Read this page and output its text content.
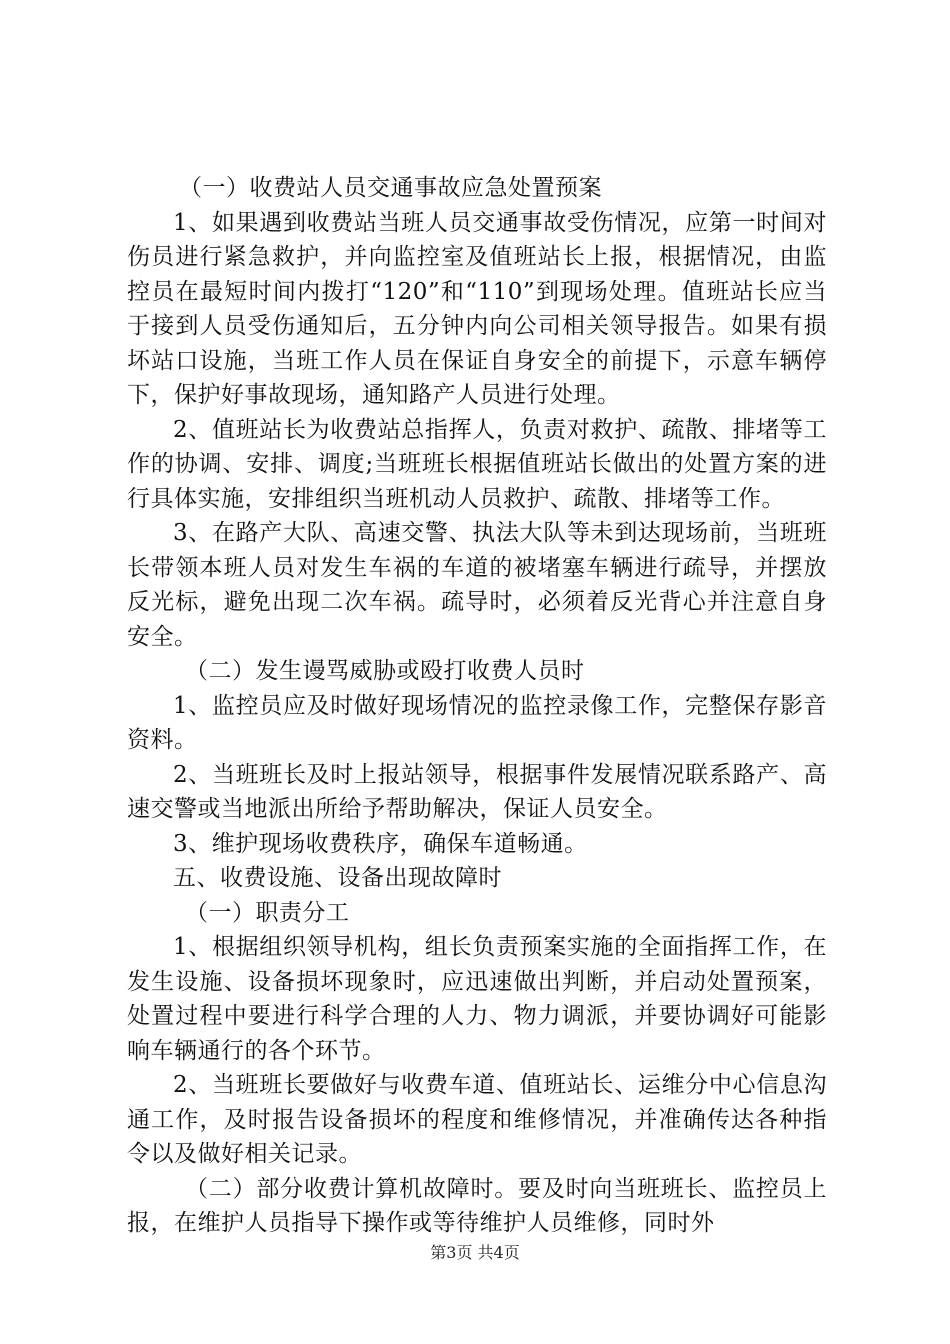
（一）收费站人员交通事故应急处置预案

1、如果遇到收费站当班人员交通事故受伤情况，应第一时间对伤员进行紧急救护，并向监控室及值班站长上报，根据情况，由监控员在最短时间内拨打“120”和“110”到现场处理。值班站长应当于接到人员受伤通知后，五分钟内向公司相关领导报告。如果有损坏站口设施，当班工作人员在保证自身安全的前提下，示意车辆停下，保护好事故现场，通知路产人员进行处理。

2、值班站长为收费站总指挥人，负责对救护、疏散、排堵等工作的协调、安排、调度;当班班长根据值班站长做出的处置方案的进行具体实施，安排组织当班机动人员救护、疏散、排堵等工作。

3、在路产大队、高速交警、执法大队等未到达现场前，当班班长带领本班人员对发生车祸的车道的被堵塞车辆进行疏导，并摆放反光标，避免出现二次车祸。疏导时，必须着反光背心并注意自身安全。

（二）发生谩骂威胁或殴打收费人员时

1、监控员应及时做好现场情况的监控录像工作，完整保存影音资料。

2、当班班长及时上报站领导，根据事件发展情况联系路产、高速交警或当地派出所给予帮助解决，保证人员安全。

3、维护现场收费秩序，确保车道畅通。

五、收费设施、设备出现故障时

（一）职责分工

1、根据组织领导机构，组长负责预案实施的全面指挥工作，在发生设施、设备损坏现象时，应迅速做出判断，并启动处置预案，处置过程中要进行科学合理的人力、物力调派，并要协调好可能影响车辆通行的各个环节。

2、当班班长要做好与收费车道、值班站长、运维分中心信息沟通工作，及时报告设备损坏的程度和维修情况，并准确传达各种指令以及做好相关记录。

（二）部分收费计算机故障时。要及时向当班班长、监控员上报，在维护人员指导下操作或等待维护人员维修，同时外

第3页 共4页
